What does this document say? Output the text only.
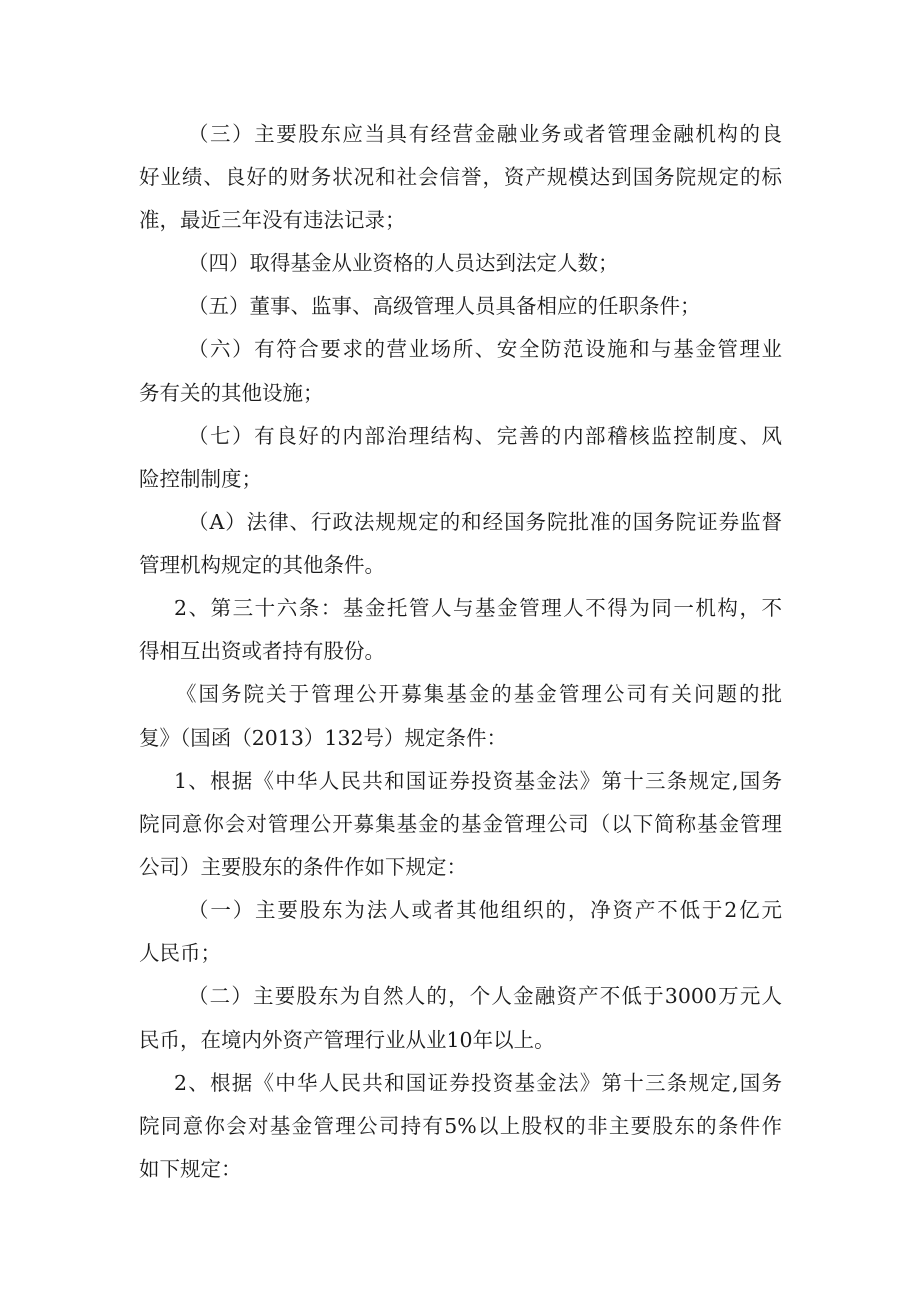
（三）主要股东应当具有经营金融业务或者管理金融机构的良

好业绩、良好的财务状况和社会信誉，资产规模达到国务院规定的标

准，最近三年没有违法记录；

（四）取得基金从业资格的人员达到法定人数；

（五）董事、监事、高级管理人员具备相应的任职条件；

（六）有符合要求的营业场所、安全防范设施和与基金管理业

务有关的其他设施；

（七）有良好的内部治理结构、完善的内部稽核监控制度、风

险控制制度；

（A）法律、行政法规规定的和经国务院批准的国务院证券监督

管理机构规定的其他条件。

2、第三十六条：基金托管人与基金管理人不得为同一机构，不

得相互出资或者持有股份。

《国务院关于管理公开募集基金的基金管理公司有关问题的批

复》（国函（2013）132号）规定条件：

1、根据《中华人民共和国证券投资基金法》第十三条规定,国务

院同意你会对管理公开募集基金的基金管理公司（以下简称基金管理

公司）主要股东的条件作如下规定：

（一）主要股东为法人或者其他组织的，净资产不低于2亿元

人民币；

（二）主要股东为自然人的，个人金融资产不低于3000万元人

民币，在境内外资产管理行业从业10年以上。

2、根据《中华人民共和国证券投资基金法》第十三条规定,国务

院同意你会对基金管理公司持有5%以上股权的非主要股东的条件作

如下规定：
